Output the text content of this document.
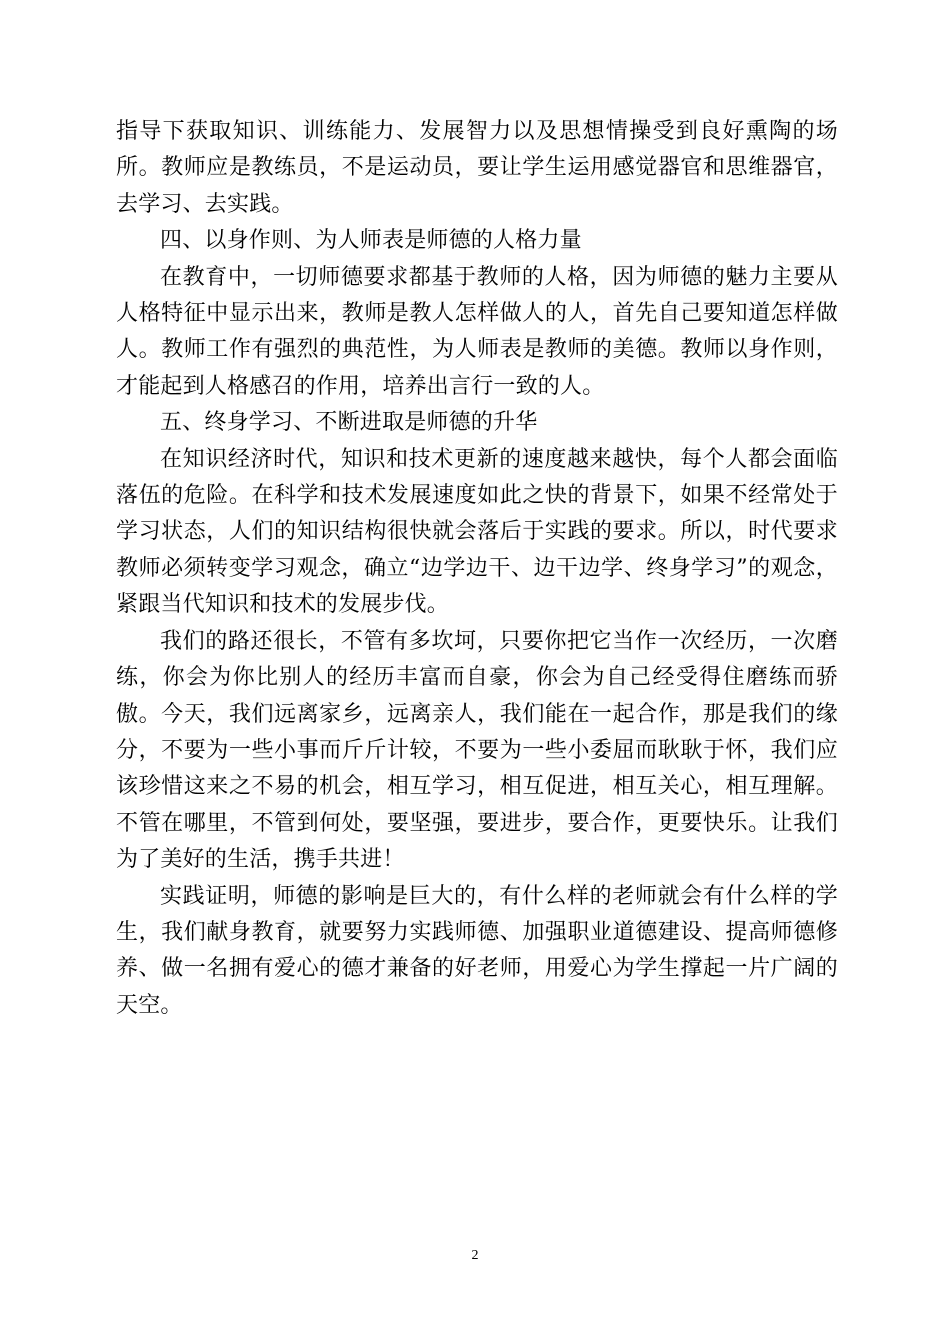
指导下获取知识、训练能力、发展智力以及思想情操受到良好熏陶的场所。教师应是教练员，不是运动员，要让学生运用感觉器官和思维器官，去学习、去实践。

四、以身作则、为人师表是师德的人格力量

在教育中，一切师德要求都基于教师的人格，因为师德的魅力主要从人格特征中显示出来，教师是教人怎样做人的人，首先自己要知道怎样做人。教师工作有强烈的典范性，为人师表是教师的美德。教师以身作则，才能起到人格感召的作用，培养出言行一致的人。

五、终身学习、不断进取是师德的升华

在知识经济时代，知识和技术更新的速度越来越快，每个人都会面临落伍的危险。在科学和技术发展速度如此之快的背景下，如果不经常处于学习状态，人们的知识结构很快就会落后于实践的要求。所以，时代要求教师必须转变学习观念，确立“边学边干、边干边学、终身学习”的观念，紧跟当代知识和技术的发展步伐。

我们的路还很长，不管有多坎坷，只要你把它当作一次经历，一次磨练，你会为你比别人的经历丰富而自豪，你会为自己经受得住磨练而骄傲。今天，我们远离家乡，远离亲人，我们能在一起合作，那是我们的缘分，不要为一些小事而斤斤计较，不要为一些小委屈而耿耿于怀，我们应该珍惜这来之不易的机会，相互学习，相互促进，相互关心，相互理解。不管在哪里，不管到何处，要坚强，要进步，要合作，更要快乐。让我们为了美好的生活，携手共进！

实践证明，师德的影响是巨大的，有什么样的老师就会有什么样的学生，我们献身教育，就要努力实践师德、加强职业道德建设、提高师德修养、做一名拥有爱心的德才兼备的好老师，用爱心为学生撑起一片广阔的天空。

2
